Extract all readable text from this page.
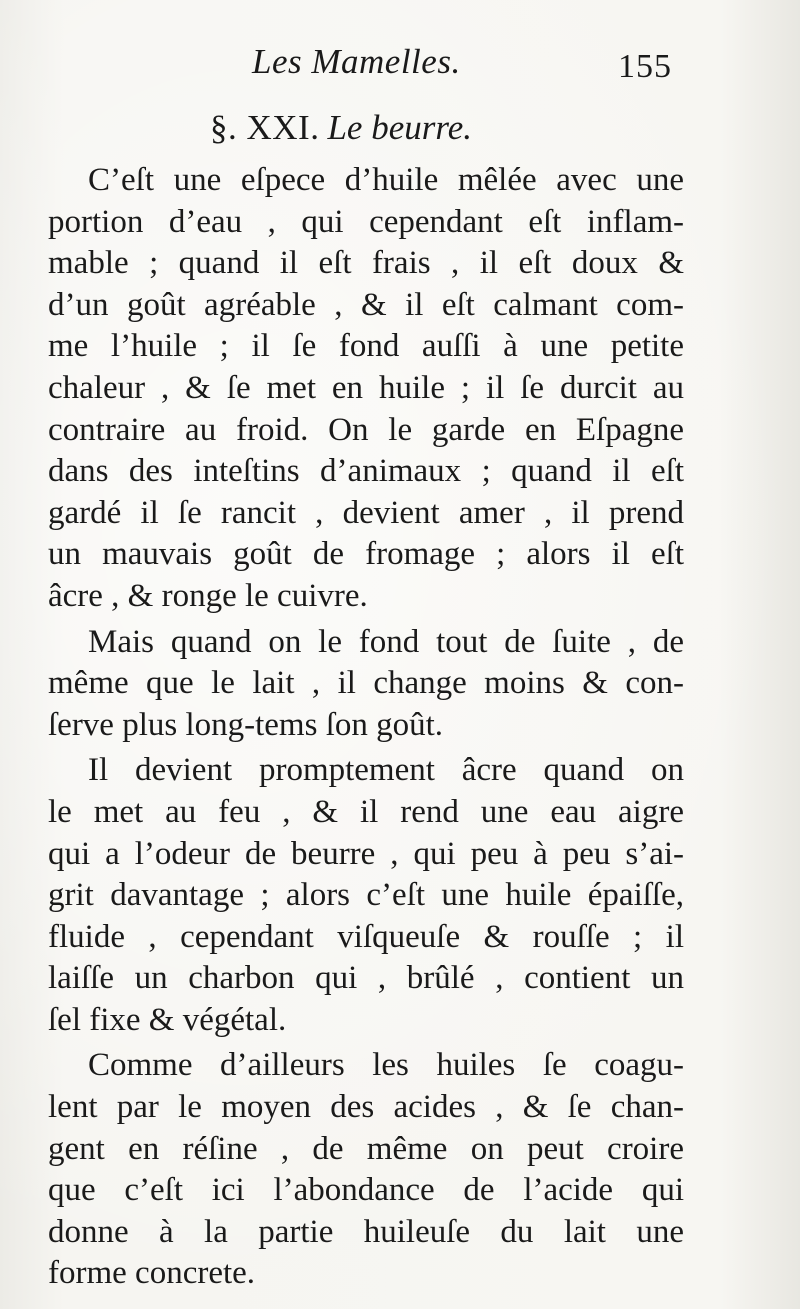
Les Mamelles.	155
§. XXI. Le beurre.
C’eſt une eſpece d’huile mêlée avec une
portion d’eau , qui cependant eſt inflam-
mable ; quand il eſt frais , il eſt doux &
d’un goût agréable , & il eſt calmant com-
me l’huile ; il ſe fond auſſi à une petite
chaleur , & ſe met en huile ; il ſe durcit au
contraire au froid. On le garde en Eſpagne
dans des inteſtins d’animaux ; quand il eſt
gardé il ſe rancit , devient amer , il prend
un mauvais goût de fromage ; alors il eſt
âcre , & ronge le cuivre.
Mais quand on le fond tout de ſuite , de
même que le lait , il change moins & con-
ſerve plus long-tems ſon goût.
Il devient promptement âcre quand on
le met au feu , & il rend une eau aigre
qui a l’odeur de beurre , qui peu à peu s’ai-
grit davantage ; alors c’eſt une huile épaiſſe,
fluide , cependant viſqueuſe & rouſſe ; il
laiſſe un charbon qui , brûlé , contient un
ſel fixe & végétal.
Comme d’ailleurs les huiles ſe coagu-
lent par le moyen des acides , & ſe chan-
gent en réſine , de même on peut croire
que c’eſt ici l’abondance de l’acide qui
donne à la partie huileuſe du lait une
forme concrete.
